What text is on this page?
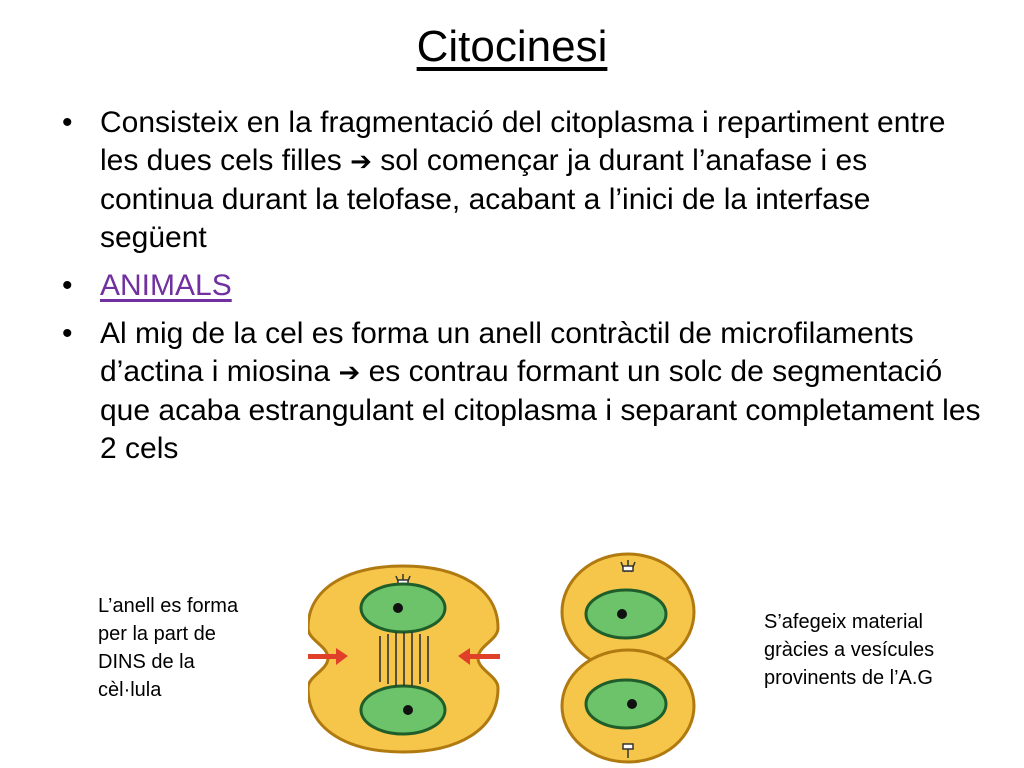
Citocinesi
• Consisteix en la fragmentació del citoplasma i repartiment entre les dues cels filles ➔ sol començar ja durant l’anafase i es continua durant la telofase, acabant a l’inici de la interfase següent
• ANIMALS
• Al mig de la cel es forma un anell contràctil de microfilaments d’actina i miosina ➔ es contrau formant un solc de segmentació que acaba estrangulant el citoplasma i separant completament les 2 cels
L’anell es forma
per la part de
DINS de la
cèl·lula
S’afegeix material
gràcies a vesícules
provinents de l’A.G
